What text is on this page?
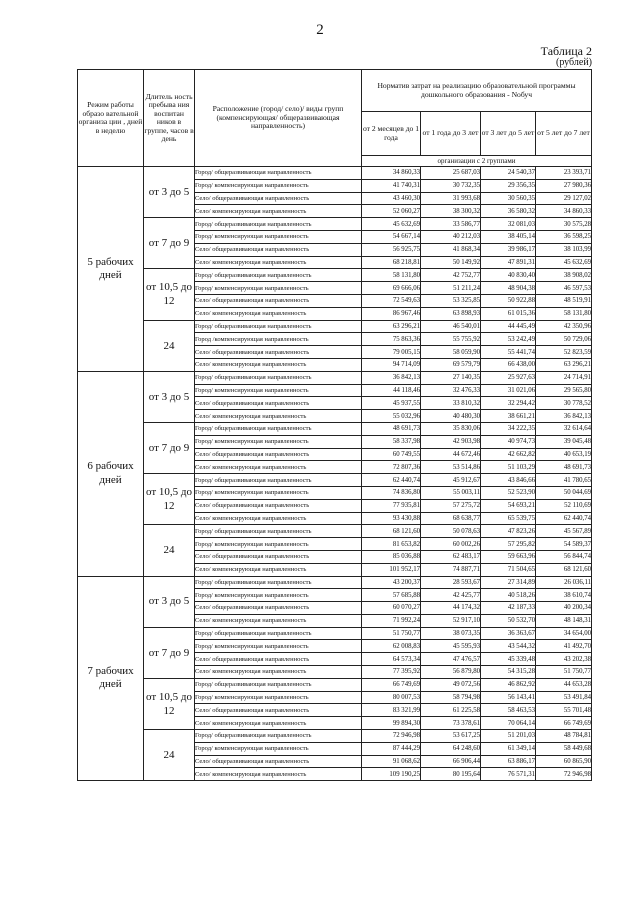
2
Таблица 2
(рублей)
Режим работы образо вательной организа ции , дней в неделю	Длитель ность пребыва ния воспитан ников в группе, часов в день	Расположение (город/ село)/ виды групп (компенсирующая/ общеразвивающая направленность)	Норматив затрат на реализацию образовательной программы дошкольного образования - Nобуч			
			от 2 месяцев до 1 года	от 1 года до 3 лет	от 3 лет до 5 лет	от 5 лет до 7 лет
			организации с 2 группами			
5 рабочих дней	от 3 до 5	Город/ общеразвивающая направленность	34 860,33	25 687,03	24 540,37	23 393,71
		Город/ компенсирующая направленность	41 740,31	30 732,35	29 356,35	27 980,36
		Село/ общеразвивающая направленность	43 460,30	31 993,68	30 560,35	29 127,02
		Село/ компенсирующая направленность	52 060,27	38 300,32	36 580,32	34 860,33
	от 7 до 9	Город/ общеразвивающая направленность	45 632,69	33 586,77	32 081,03	30 575,28
		Город/ компенсирующая направленность	54 667,14	40 212,03	38 405,14	36 598,25
		Село/ общеразвивающая направленность	56 925,75	41 868,34	39 986,17	38 103,99
		Село/ компенсирующая направленность	68 218,81	50 149,92	47 891,31	45 632,69
	от 10,5 до 12	Город/ общеразвивающая направленность	58 131,80	42 752,77	40 830,40	38 908,02
		Город/ компенсирующая направленность	69 666,06	51 211,24	48 904,38	46 597,53
		Село/ общеразвивающая направленность	72 549,63	53 325,85	50 922,88	48 519,91
		Село/ компенсирующая направленность	86 967,46	63 898,93	61 015,36	58 131,80
	24	Город/ общеразвивающая направленность	63 296,21	46 540,01	44 445,49	42 350,96
		Город /компенсирующая направленность	75 863,36	55 755,92	53 242,49	50 729,06
		Село/ общеразвивающая направленность	79 005,15	58 059,90	55 441,74	52 823,59
		Село/ компенсирующая направленность	94 714,09	69 579,79	66 438,00	63 296,21
6 рабочих дней	от 3 до 5	Город/ общеразвивающая направленность	36 842,13	27 140,35	25 927,63	24 714,91
		Город/ компенсирующая направленность	44 118,46	32 476,33	31 021,06	29 565,80
		Село/ общеразвивающая направленность	45 937,55	33 810,32	32 294,42	30 778,52
		Село/ компенсирующая направленность	55 032,96	40 480,30	38 661,21	36 842,13
	от 7 до 9	Город/ общеразвивающая направленность	48 691,73	35 830,06	34 222,35	32 614,64
		Город/ компенсирующая направленность	58 337,98	42 903,98	40 974,73	39 045,48
		Село/ общеразвивающая направленность	60 749,55	44 672,46	42 662,82	40 653,19
		Село/ компенсирующая направленность	72 807,36	53 514,86	51 103,29	48 691,73
	от 10,5 до 12	Город/ общеразвивающая направленность	62 440,74	45 912,67	43 846,66	41 780,65
		Город/ компенсирующая направленность	74 836,80	55 003,11	52 523,90	50 044,69
		Село/ общеразвивающая направленность	77 935,81	57 275,72	54 693,21	52 110,69
		Село/ компенсирующая направленность	93 430,88	68 638,77	65 539,75	62 440,74
	24	Город/ общеразвивающая направленность	68 121,60	50 078,63	47 823,26	45 567,89
		Город/ компенсирующая направленность	81 653,82	60 002,26	57 295,82	54 589,37
		Село/ общеразвивающая направленность	85 036,88	62 483,17	59 663,96	56 844,74
		Село/ компенсирующая направленность	101 952,17	74 887,71	71 504,65	68 121,60
7 рабочих дней	от 3 до 5	Город/ общеразвивающая направленность	43 200,37	28 593,67	27 314,89	26 036,11
		Город/ компенсирующая направленность	57 685,88	42 425,77	40 518,26	38 610,74
		Село/ общеразвивающая направленность	60 070,27	44 174,32	42 187,33	40 200,34
		Село/ компенсирующая направленность	71 992,24	52 917,10	50 532,70	48 148,31
	от 7 до 9	Город/ общеразвивающая направленность	51 750,77	38 073,35	36 363,67	34 654,00
		Город/ компенсирующая направленность	62 008,83	45 595,93	43 544,32	41 492,70
		Село/ общеразвивающая направленность	64 573,34	47 476,57	45 339,48	43 202,38
		Село/ компенсирующая направленность	77 395,92	56 879,80	54 315,28	51 750,77
	от 10,5 до 12	Город/ общеразвивающая направленность	66 749,69	49 072,56	46 862,92	44 653,28
		Город/ компенсирующая направленность	80 007,53	58 794,98	56 143,41	53 491,84
		Село/ общеразвивающая направленность	83 321,99	61 225,58	58 463,53	55 701,48
		Село/ компенсирующая направленность	99 894,30	73 378,61	70 064,14	66 749,69
	24	Город/ общеразвивающая направленность	72 946,98	53 617,25	51 201,03	48 784,81
		Город/ компенсирующая направленность	87 444,29	64 248,60	61 349,14	58 449,68
		Село/ общеразвивающая направленность	91 068,62	66 906,44	63 886,17	60 865,90
		Село/ компенсирующая направленность	109 190,25	80 195,64	76 571,31	72 946,98
